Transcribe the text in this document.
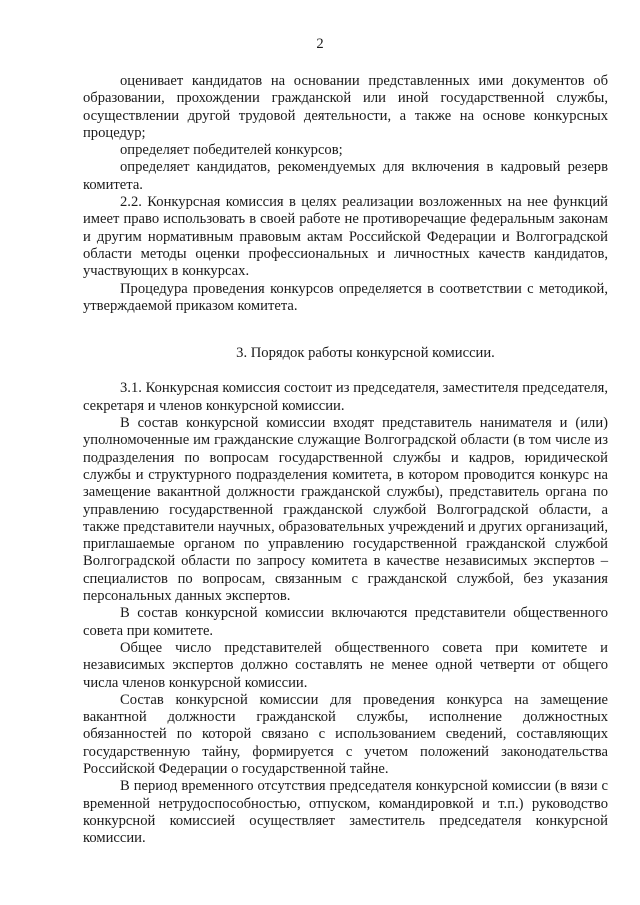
2

оценивает кандидатов на основании представленных ими документов об образовании, прохождении гражданской или иной государственной службы, осуществлении другой трудовой деятельности, а также на основе конкурсных процедур;

определяет победителей конкурсов;

определяет кандидатов, рекомендуемых для включения в кадровый резерв комитета.

2.2. Конкурсная комиссия в целях реализации возложенных на нее функций имеет право использовать в своей работе не противоречащие федеральным законам и другим нормативным правовым актам Российской Федерации и Волгоградской области методы оценки профессиональных и личностных качеств кандидатов, участвующих в конкурсах.

Процедура проведения конкурсов определяется в соответствии с методикой, утверждаемой приказом комитета.

3. Порядок работы конкурсной комиссии.

3.1. Конкурсная комиссия состоит из председателя, заместителя председателя, секретаря и членов конкурсной комиссии.

В состав конкурсной комиссии входят представитель нанимателя и (или) уполномоченные им гражданские служащие Волгоградской области (в том числе из подразделения по вопросам государственной службы и кадров, юридической службы и структурного подразделения комитета, в котором проводится конкурс на замещение вакантной должности гражданской службы), представитель органа по управлению государственной гражданской службой Волгоградской области, а также представители научных, образовательных учреждений и других организаций, приглашаемые органом по управлению государственной гражданской службой Волгоградской области по запросу комитета в качестве независимых экспертов – специалистов по вопросам, связанным с гражданской службой, без указания персональных данных экспертов.

В состав конкурсной комиссии включаются представители общественного совета при комитете.

Общее число представителей общественного совета при комитете и независимых экспертов должно составлять не менее одной четверти от общего числа членов конкурсной комиссии.

Состав конкурсной комиссии для проведения конкурса на замещение вакантной должности гражданской службы, исполнение должностных обязанностей по которой связано с использованием сведений, составляющих государственную тайну, формируется с учетом положений законодательства Российской Федерации о государственной тайне.

В период временного отсутствия председателя конкурсной комиссии (в вязи с временной нетрудоспособностью, отпуском, командировкой и т.п.) руководство конкурсной комиссией осуществляет заместитель председателя конкурсной комиссии.
